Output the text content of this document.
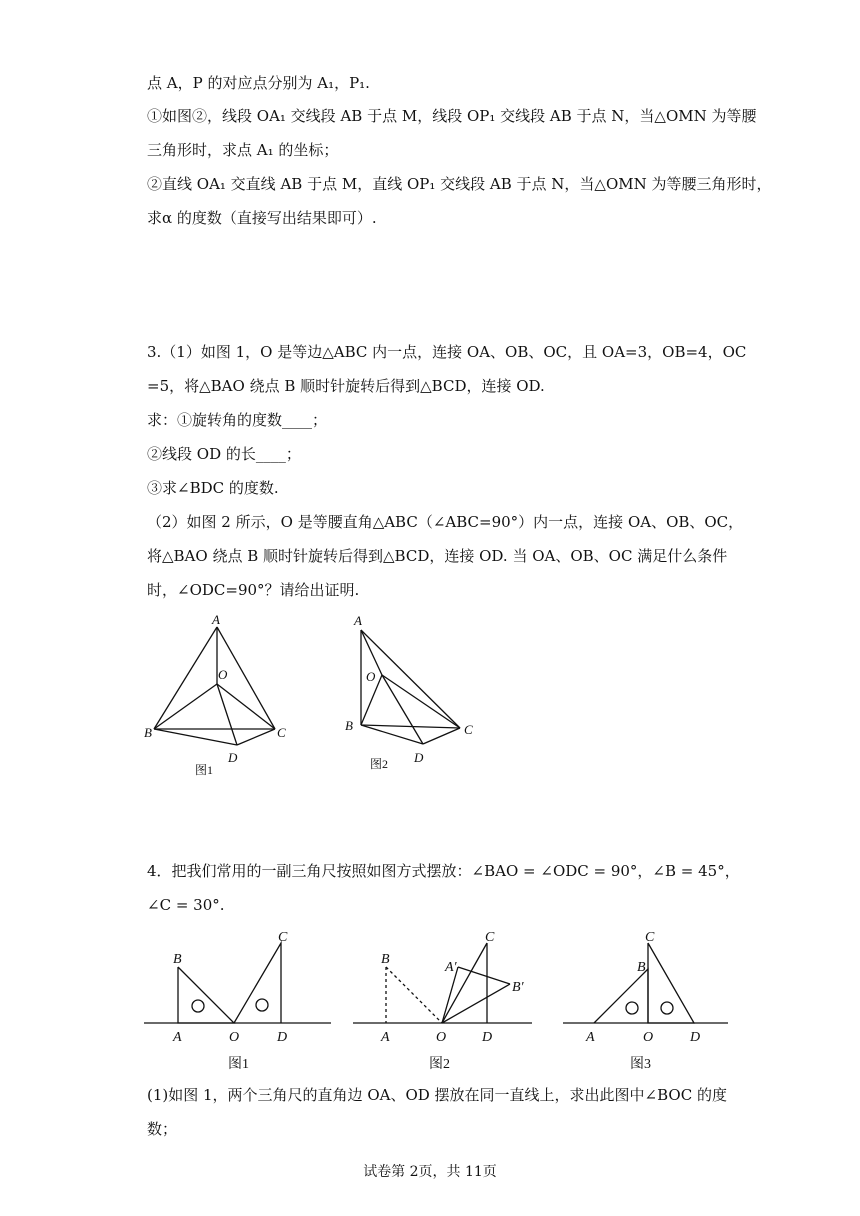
点 A，P 的对应点分别为 A₁，P₁.
①如图②，线段 OA₁ 交线段 AB 于点 M，线段 OP₁ 交线段 AB 于点 N，当△OMN 为等腰
三角形时，求点 A₁ 的坐标；
②直线 OA₁ 交直线 AB 于点 M，直线 OP₁ 交线段 AB 于点 N，当△OMN 为等腰三角形时，
求α 的度数（直接写出结果即可）.
3.（1）如图 1，O 是等边△ABC 内一点，连接 OA、OB、OC，且 OA=3，OB=4，OC
=5，将△BAO 绕点 B 顺时针旋转后得到△BCD，连接 OD.
求：①旋转角的度数____；
②线段 OD 的长____；
③求∠BDC 的度数.
（2）如图 2 所示，O 是等腰直角△ABC（∠ABC=90°）内一点，连接 OA、OB、OC，
将△BAO 绕点 B 顺时针旋转后得到△BCD，连接 OD. 当 OA、OB、OC 满足什么条件
时，∠ODC=90°？请给出证明.
A
O
B	C
D
图1
A
O
B	C
D
图2
4．把我们常用的一副三角尺按照如图方式摆放：∠BAO = ∠ODC = 90°，∠B = 45°，
∠C = 30°.
B
C
A	O	D
图1
B
C
A′
B′
A	O	D
图2
C
B
A	O	D
图3
(1)如图 1，两个三角尺的直角边 OA、OD 摆放在同一直线上，求出此图中∠BOC 的度
数；
试卷第 2页，共 11页
